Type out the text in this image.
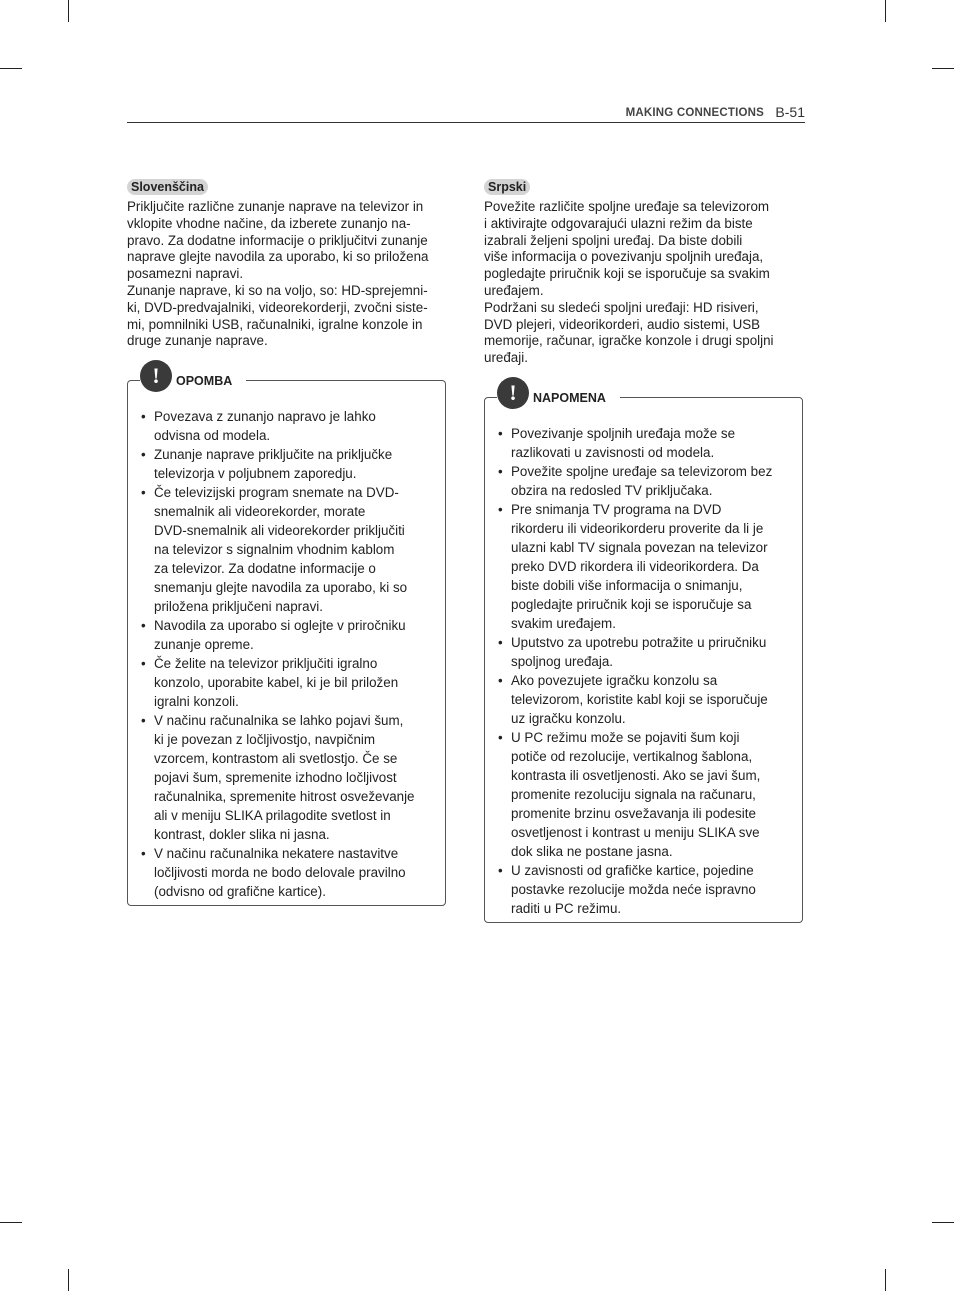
MAKING CONNECTIONS B-51
Slovenščina

Priključite različne zunanje naprave na televizor in
vklopite vhodne načine, da izberete zunanjo na-
pravo. Za dodatne informacije o priključitvi zunanje
naprave glejte navodila za uporabo, ki so priložena
posamezni napravi.
Zunanje naprave, ki so na voljo, so: HD-sprejemni-
ki, DVD-predvajalniki, videorekorderji, zvočni siste-
mi, pomnilniki USB, računalniki, igralne konzole in
druge zunanje naprave.

!	OPOMBA
• Povezava z zunanjo napravo je lahko
odvisna od modela.
• Zunanje naprave priključite na priključke
televizorja v poljubnem zaporedju.
• Če televizijski program snemate na DVD-
snemalnik ali videorekorder, morate
DVD-snemalnik ali videorekorder priključiti
na televizor s signalnim vhodnim kablom
za televizor. Za dodatne informacije o
snemanju glejte navodila za uporabo, ki so
priložena priključeni napravi.
• Navodila za uporabo si oglejte v priročniku
zunanje opreme.
• Če želite na televizor priključiti igralno
konzolo, uporabite kabel, ki je bil priložen
igralni konzoli.
• V načinu računalnika se lahko pojavi šum,
ki je povezan z ločljivostjo, navpičnim
vzorcem, kontrastom ali svetlostjo. Če se
pojavi šum, spremenite izhodno ločljivost
računalnika, spremenite hitrost osveževanje
ali v meniju SLIKA prilagodite svetlost in
kontrast, dokler slika ni jasna.
• V načinu računalnika nekatere nastavitve
ločljivosti morda ne bodo delovale pravilno
(odvisno od grafične kartice).
Srpski

Povežite različite spoljne uređaje sa televizorom
i aktivirajte odgovarajući ulazni režim da biste
izabrali željeni spoljni uređaj. Da biste dobili
više informacija o povezivanju spoljnih uređaja,
pogledajte priručnik koji se isporučuje sa svakim
uređajem.
Podržani su sledeći spoljni uređaji: HD risiveri,
DVD plejeri, videorikorderi, audio sistemi, USB
memorije, računar, igračke konzole i drugi spoljni
uređaji.

!	NAPOMENA
• Povezivanje spoljnih uređaja može se
razlikovati u zavisnosti od modela.
• Povežite spoljne uređaje sa televizorom bez
obzira na redosled TV priključaka.
• Pre snimanja TV programa na DVD
rikorderu ili videorikorderu proverite da li je
ulazni kabl TV signala povezan na televizor
preko DVD rikordera ili videorikordera. Da
biste dobili više informacija o snimanju,
pogledajte priručnik koji se isporučuje sa
svakim uređajem.
• Uputstvo za upotrebu potražite u priručniku
spoljnog uređaja.
• Ako povezujete igračku konzolu sa
televizorom, koristite kabl koji se isporučuje
uz igračku konzolu.
• U PC režimu može se pojaviti šum koji
potiče od rezolucije, vertikalnog šablona,
kontrasta ili osvetljenosti. Ako se javi šum,
promenite rezoluciju signala na računaru,
promenite brzinu osvežavanja ili podesite
osvetljenost i kontrast u meniju SLIKA sve
dok slika ne postane jasna.
• U zavisnosti od grafičke kartice, pojedine
postavke rezolucije možda neće ispravno
raditi u PC režimu.
